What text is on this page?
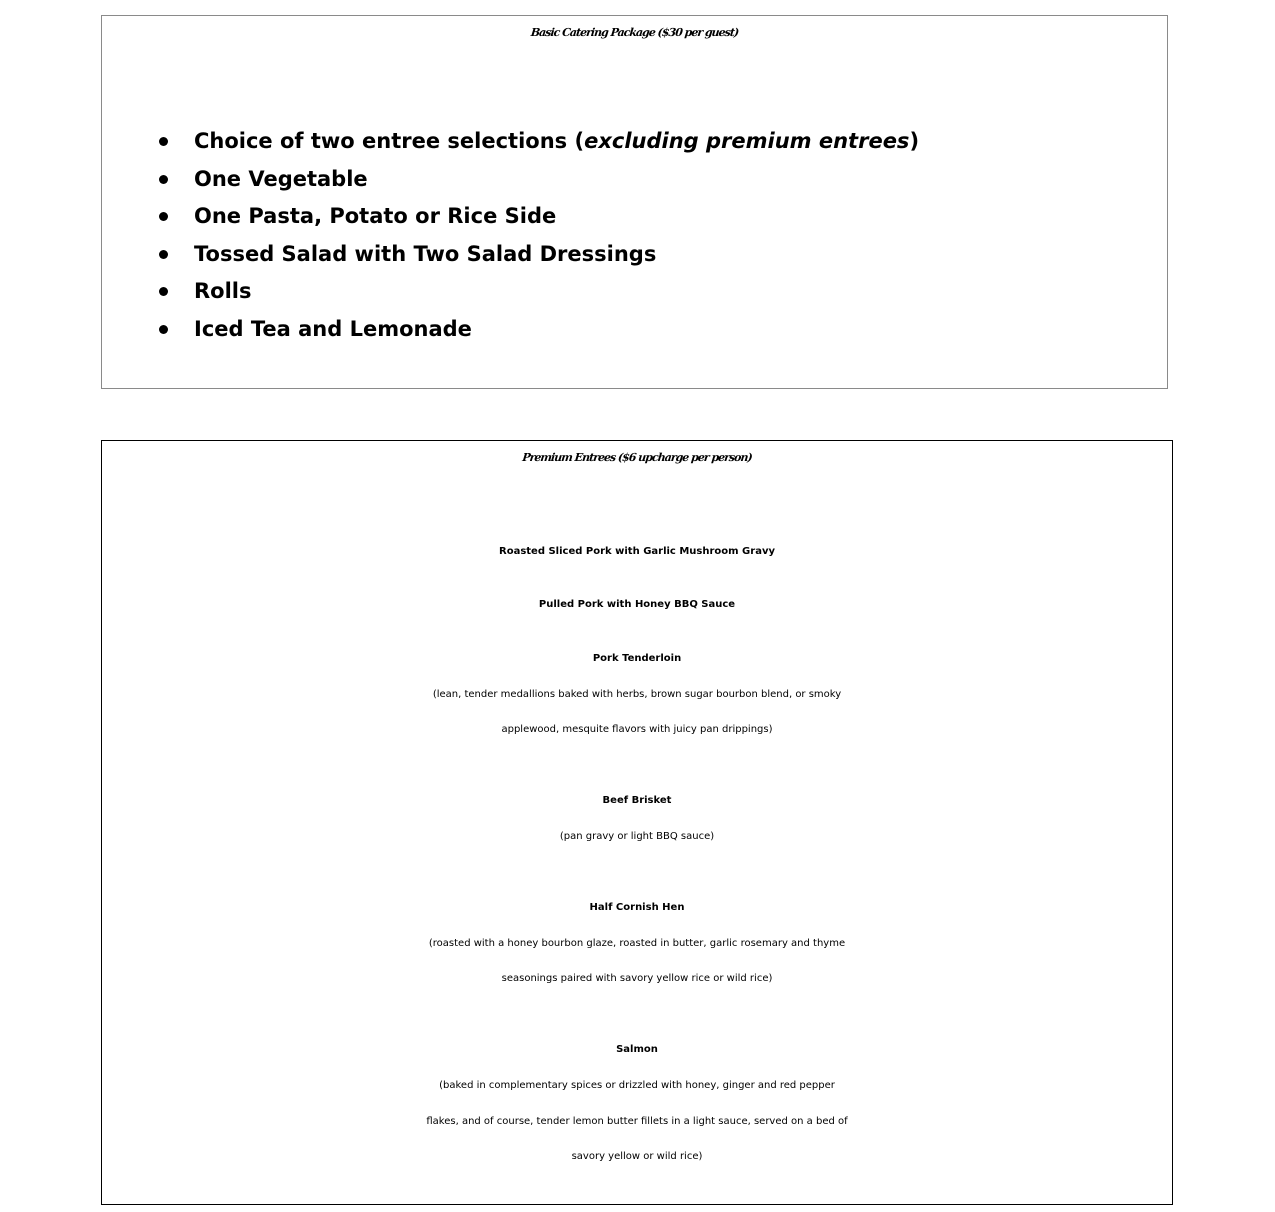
Basic Catering Package ($30 per guest)
Choice of two entree selections (excluding premium entrees)
One Vegetable
One Pasta, Potato or Rice Side
Tossed Salad with Two Salad Dressings
Rolls
Iced Tea and Lemonade
Premium Entrees ($6 upcharge per person)
Roasted Sliced Pork with Garlic Mushroom Gravy
Pulled Pork with Honey BBQ Sauce
Pork Tenderloin
(lean, tender medallions baked with herbs, brown sugar bourbon blend, or smoky
applewood, mesquite flavors with juicy pan drippings)
Beef Brisket
(pan gravy or light BBQ sauce)
Half Cornish Hen
(roasted with a honey bourbon glaze, roasted in butter, garlic rosemary and thyme
seasonings paired with savory yellow rice or wild rice)
Salmon
(baked in complementary spices or drizzled with honey, ginger and red pepper
flakes, and of course, tender lemon butter fillets in a light sauce, served on a bed of
savory yellow or wild rice)
